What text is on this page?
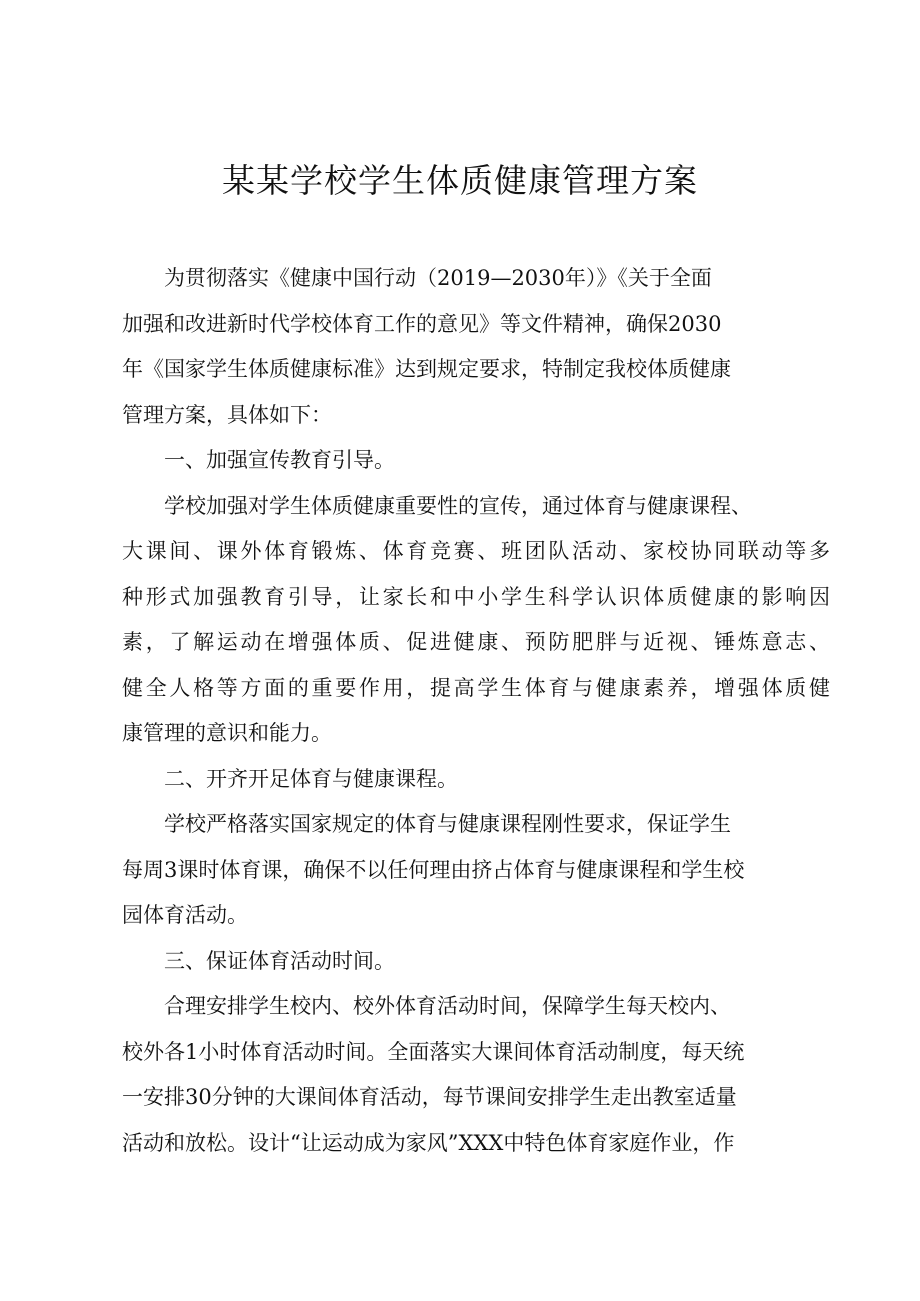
某某学校学生体质健康管理方案
为贯彻落实《健康中国行动（2019—2030年）》《关于全面
加强和改进新时代学校体育工作的意见》等文件精神，确保2030
年《国家学生体质健康标准》达到规定要求，特制定我校体质健康
管理方案，具体如下：
一、加强宣传教育引导。
学校加强对学生体质健康重要性的宣传，通过体育与健康课程、
大课间、课外体育锻炼、体育竞赛、班团队活动、家校协同联动等多
种形式加强教育引导，让家长和中小学生科学认识体质健康的影响因
素，了解运动在增强体质、促进健康、预防肥胖与近视、锤炼意志、
健全人格等方面的重要作用，提高学生体育与健康素养，增强体质健
康管理的意识和能力。
二、开齐开足体育与健康课程。
学校严格落实国家规定的体育与健康课程刚性要求，保证学生
每周3课时体育课，确保不以任何理由挤占体育与健康课程和学生校
园体育活动。
三、保证体育活动时间。
合理安排学生校内、校外体育活动时间，保障学生每天校内、
校外各1小时体育活动时间。全面落实大课间体育活动制度，每天统
一安排30分钟的大课间体育活动，每节课间安排学生走出教室适量
活动和放松。设计“让运动成为家风”XXX中特色体育家庭作业，作
